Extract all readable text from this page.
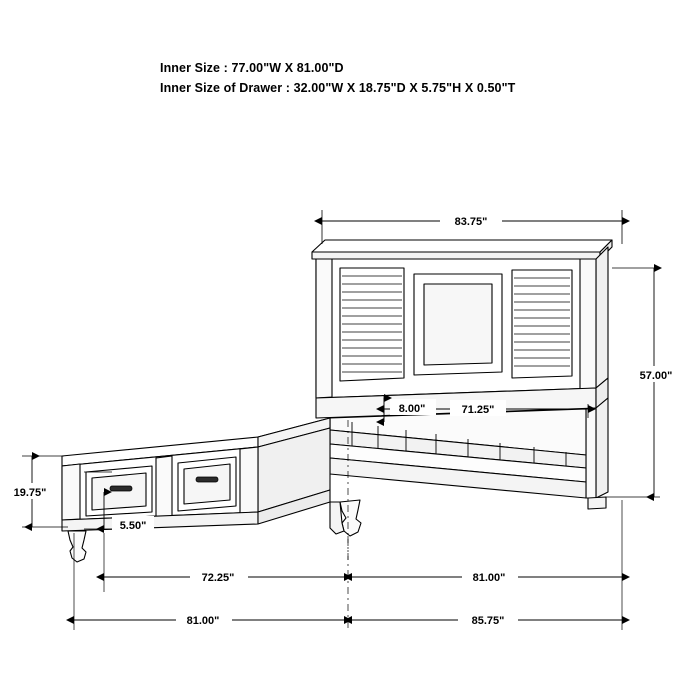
Inner Size : 77.00"W X 81.00"D
Inner Size of Drawer : 32.00"W X 18.75"D X 5.75"H X 0.50"T
83.75"
57.00"
71.25"
8.00"
19.75"
5.50"
72.25"	81.00"
81.00"	85.75"
